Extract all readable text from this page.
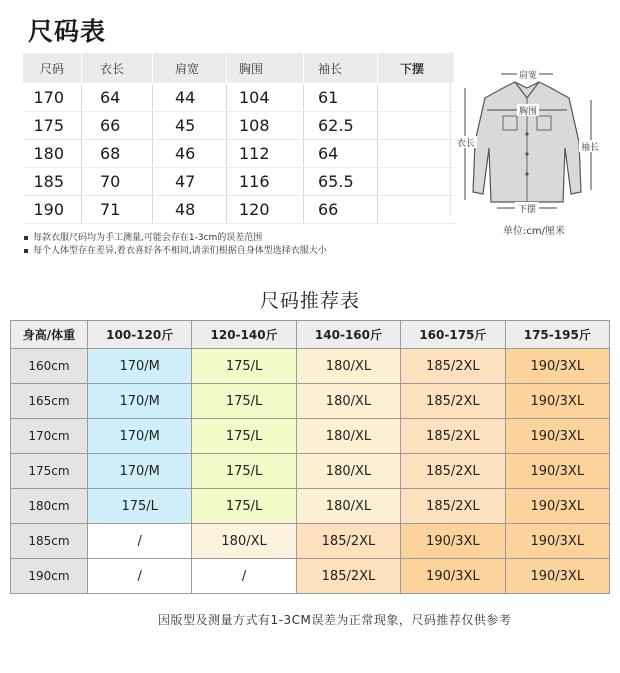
尺码表
尺码	衣长	肩宽	胸围	袖长	下摆
170	64	44	104	61	
175	66	45	108	62.5	
180	68	46	112	64	
185	70	47	116	65.5	
190	71	48	120	66	
肩宽
胸围
衣长	袖长
下摆
单位:cm/厘米
每款衣服尺码均为手工测量,可能会存在1-3cm的误差范围
每个人体型存在差异,着衣喜好各不相同,请亲们根据自身体型选择衣服大小
尺码推荐表
身高/体重	100-120斤	120-140斤	140-160斤	160-175斤	175-195斤
160cm	170/M	175/L	180/XL	185/2XL	190/3XL
165cm	170/M	175/L	180/XL	185/2XL	190/3XL
170cm	170/M	175/L	180/XL	185/2XL	190/3XL
175cm	170/M	175/L	180/XL	185/2XL	190/3XL
180cm	175/L	175/L	180/XL	185/2XL	190/3XL
185cm	/	180/XL	185/2XL	190/3XL	190/3XL
190cm	/	/	185/2XL	190/3XL	190/3XL
因版型及测量方式有1-3CM误差为正常现象，尺码推荐仅供参考
